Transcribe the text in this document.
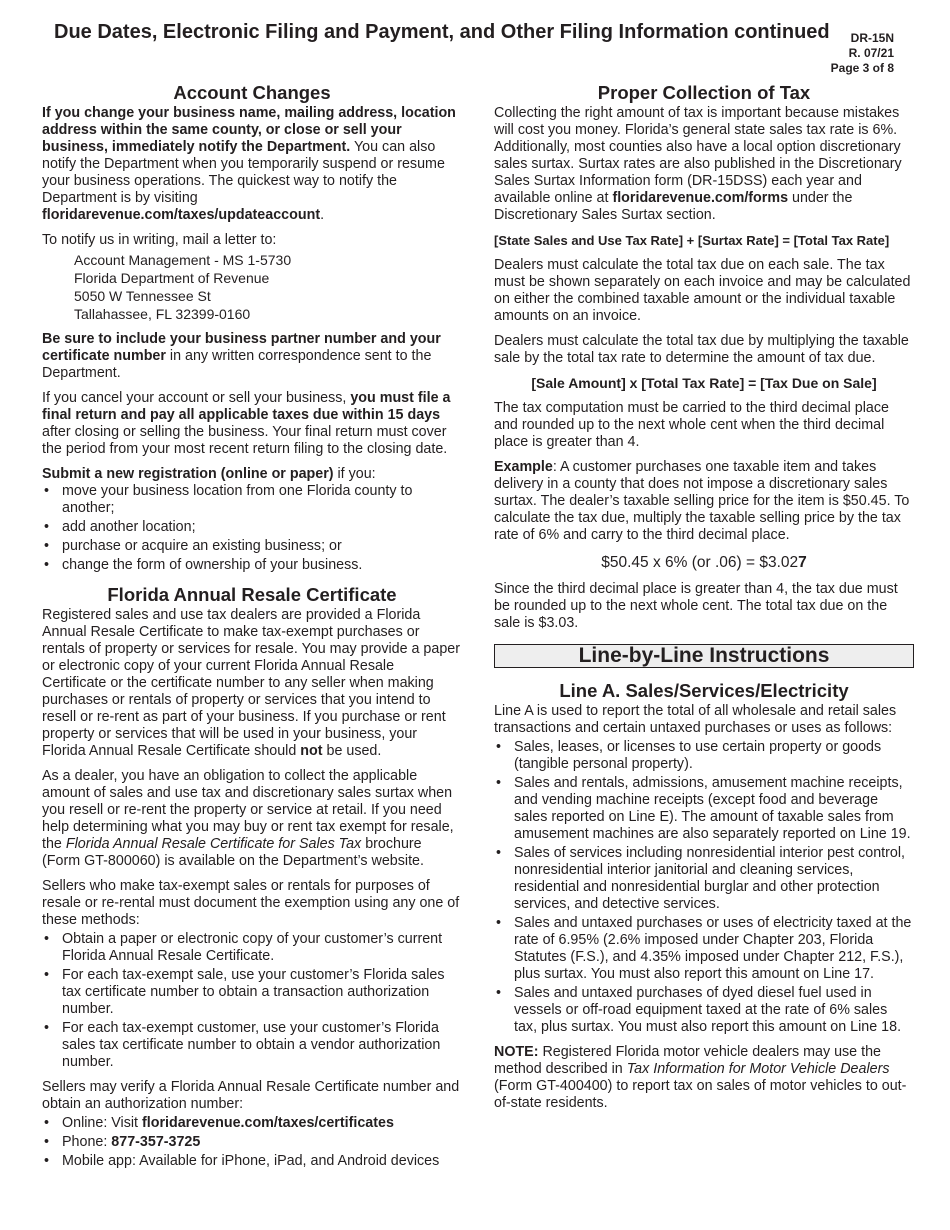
Due Dates, Electronic Filing and Payment, and Other Filing Information continued	DR-15N
R. 07/21
Page 3 of 8
Account Changes

If you change your business name, mailing address, location address within the same county, or close or sell your business, immediately notify the Department. You can also notify the Department when you temporarily suspend or resume your business operations. The quickest way to notify the Department is by visiting
floridarevenue.com/taxes/updateaccount.

To notify us in writing, mail a letter to:

Account Management - MS 1-5730
Florida Department of Revenue
5050 W Tennessee St
Tallahassee, FL 32399-0160

Be sure to include your business partner number and your certificate number in any written correspondence sent to the Department.

If you cancel your account or sell your business, you must file a final return and pay all applicable taxes due within 15 days after closing or selling the business. Your final return must cover the period from your most recent return filing to the closing date.

Submit a new registration (online or paper) if you:

• move your business location from one Florida county to another;
• add another location;
• purchase or acquire an existing business; or
• change the form of ownership of your business.
Florida Annual Resale Certificate

Registered sales and use tax dealers are provided a Florida Annual Resale Certificate to make tax-exempt purchases or rentals of property or services for resale. You may provide a paper or electronic copy of your current Florida Annual Resale Certificate or the certificate number to any seller when making purchases or rentals of property or services that you intend to resell or re-rent as part of your business. If you purchase or rent property or services that will be used in your business, your Florida Annual Resale Certificate should not be used.

As a dealer, you have an obligation to collect the applicable amount of sales and use tax and discretionary sales surtax when you resell or re-rent the property or service at retail. If you need help determining what you may buy or rent tax exempt for resale, the Florida Annual Resale Certificate for Sales Tax brochure (Form GT-800060) is available on the Department’s website.

Sellers who make tax-exempt sales or rentals for purposes of resale or re-rental must document the exemption using any one of these methods:

• Obtain a paper or electronic copy of your customer’s current Florida Annual Resale Certificate.
• For each tax-exempt sale, use your customer’s Florida sales tax certificate number to obtain a transaction authorization number.
• For each tax-exempt customer, use your customer’s Florida sales tax certificate number to obtain a vendor authorization number.

Sellers may verify a Florida Annual Resale Certificate number and obtain an authorization number:

• Online: Visit floridarevenue.com/taxes/certificates
• Phone: 877-357-3725
• Mobile app: Available for iPhone, iPad, and Android devices
Proper Collection of Tax

Collecting the right amount of tax is important because mistakes will cost you money. Florida’s general state sales tax rate is 6%. Additionally, most counties also have a local option discretionary sales surtax. Surtax rates are also published in the Discretionary Sales Surtax Information form (DR-15DSS) each year and available online at floridarevenue.com/forms under the Discretionary Sales Surtax section.

[State Sales and Use Tax Rate] + [Surtax Rate] = [Total Tax Rate]

Dealers must calculate the total tax due on each sale. The tax must be shown separately on each invoice and may be calculated on either the combined taxable amount or the individual taxable amounts on an invoice.

Dealers must calculate the total tax due by multiplying the taxable sale by the total tax rate to determine the amount of tax due.

[Sale Amount] x [Total Tax Rate] = [Tax Due on Sale]

The tax computation must be carried to the third decimal place and rounded up to the next whole cent when the third decimal place is greater than 4.

Example: A customer purchases one taxable item and takes delivery in a county that does not impose a discretionary sales surtax. The dealer’s taxable selling price for the item is $50.45. To calculate the tax due, multiply the taxable selling price by the tax rate of 6% and carry to the third decimal place.

$50.45 x 6% (or .06) = $3.027

Since the third decimal place is greater than 4, the tax due must be rounded up to the next whole cent. The total tax due on the sale is $3.03.

Line-by-Line Instructions
Line A. Sales/Services/Electricity

Line A is used to report the total of all wholesale and retail sales transactions and certain untaxed purchases or uses as follows:

• Sales, leases, or licenses to use certain property or goods (tangible personal property).
• Sales and rentals, admissions, amusement machine receipts, and vending machine receipts (except food and beverage sales reported on Line E). The amount of taxable sales from amusement machines are also separately reported on Line 19.
• Sales of services including nonresidential interior pest control, nonresidential interior janitorial and cleaning services, residential and nonresidential burglar and other protection services, and detective services.
• Sales and untaxed purchases or uses of electricity taxed at the rate of 6.95% (2.6% imposed under Chapter 203, Florida Statutes (F.S.), and 4.35% imposed under Chapter 212, F.S.), plus surtax. You must also report this amount on Line 17.
• Sales and untaxed purchases of dyed diesel fuel used in vessels or off-road equipment taxed at the rate of 6% sales tax, plus surtax. You must also report this amount on Line 18.

NOTE: Registered Florida motor vehicle dealers may use the method described in Tax Information for Motor Vehicle Dealers (Form GT-400400) to report tax on sales of motor vehicles to out-of-state residents.
